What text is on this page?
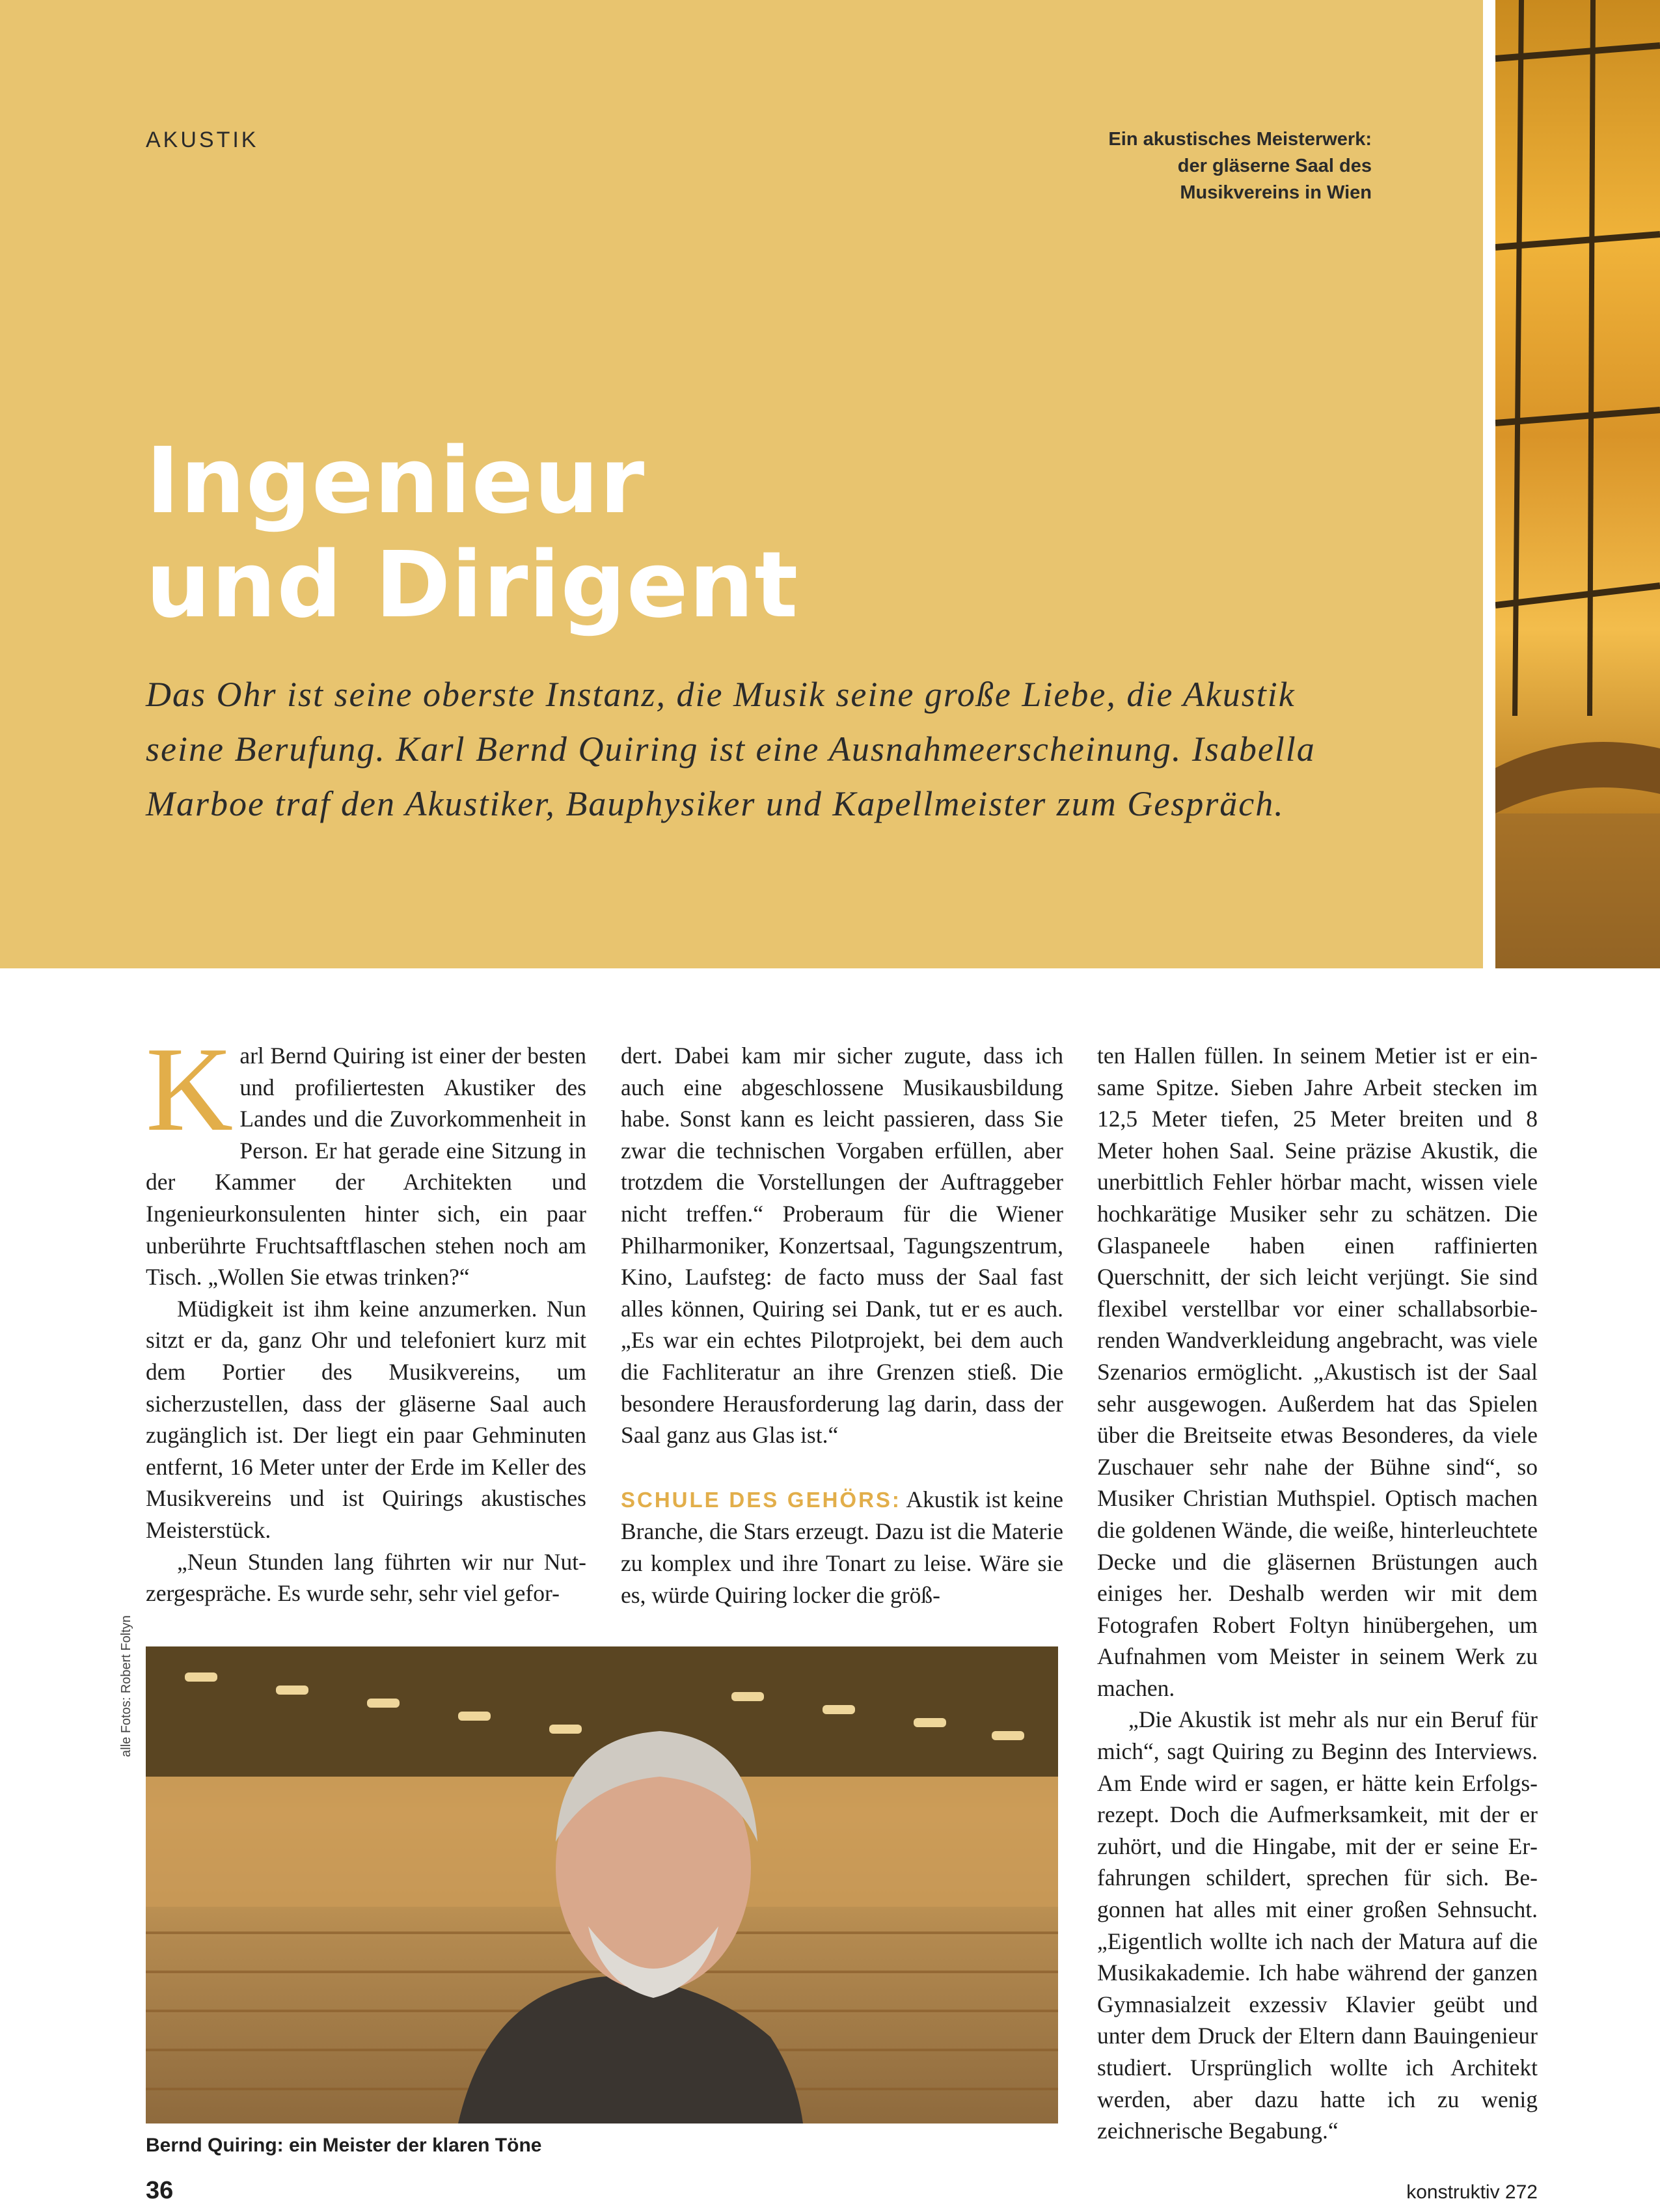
AKUSTIK	Ein akustisches Meisterwerk:
der gläserne Saal des
Musikvereins in Wien
Ingenieur
und Dirigent

Das Ohr ist seine oberste Instanz, die Musik seine große Liebe, die Akustik seine Berufung. Karl Bernd Quiring ist eine Ausnahmeerscheinung. Isabella Marboe traf den Akustiker, Bauphysiker und Kapellmeister zum Gespräch.

Karl Bernd Quiring ist einer der besten und profiliertesten Akustiker des Landes und die Zuvorkommenheit in Person. Er hat gerade eine Sitzung in der Kammer der Architekten und Ingenieurkonsulenten hinter sich, ein paar unberührte Fruchtsaftflaschen stehen noch am Tisch. „Wollen Sie etwas trinken?“

Müdigkeit ist ihm keine anzumerken. Nun sitzt er da, ganz Ohr und telefoniert kurz mit dem Portier des Musikvereins, um sicherzustellen, dass der gläserne Saal auch zugänglich ist. Der liegt ein paar Gehminuten entfernt, 16 Meter unter der Erde im Keller des Musikvereins und ist Quirings akustisches Meisterstück.

„Neun Stunden lang führten wir nur Nutzergespräche. Es wurde sehr, sehr viel gefor-

dert. Dabei kam mir sicher zugute, dass ich auch eine abgeschlossene Musikausbildung habe. Sonst kann es leicht passieren, dass Sie zwar die technischen Vorgaben erfüllen, aber trotzdem die Vorstellungen der Auftraggeber nicht treffen.“ Proberaum für die Wiener Philharmoniker, Konzertsaal, Tagungszentrum, Kino, Laufsteg: de facto muss der Saal fast alles können, Quiring sei Dank, tut er es auch. „Es war ein echtes Pilotprojekt, bei dem auch die Fachliteratur an ihre Grenzen stieß. Die besondere Herausforderung lag darin, dass der Saal ganz aus Glas ist.“

SCHULE DES GEHÖRS: Akustik ist keine Branche, die Stars erzeugt. Dazu ist die Materie zu komplex und ihre Tonart zu leise. Wäre sie es, würde Quiring locker die größ-

ten Hallen füllen. In seinem Metier ist er einsame Spitze. Sieben Jahre Arbeit stecken im 12,5 Meter tiefen, 25 Meter breiten und 8 Meter hohen Saal. Seine präzise Akustik, die unerbittlich Fehler hörbar macht, wissen viele hochkarätige Musiker sehr zu schätzen. Die Glaspaneele haben einen raffinierten Querschnitt, der sich leicht verjüngt. Sie sind flexibel verstellbar vor einer schallabsorbierenden Wandverkleidung angebracht, was viele Szenarios ermöglicht. „Akustisch ist der Saal sehr ausgewogen. Außerdem hat das Spielen über die Breitseite etwas Besonderes, da viele Zuschauer sehr nahe der Bühne sind“, so Musiker Christian Muthspiel. Optisch machen die goldenen Wände, die weiße, hinterleuchtete Decke und die gläsernen Brüstungen auch einiges her. Deshalb werden wir mit dem Fotografen Robert Foltyn hinübergehen, um Aufnahmen vom Meister in seinem Werk zu machen.

„Die Akustik ist mehr als nur ein Beruf für mich“, sagt Quiring zu Beginn des Interviews. Am Ende wird er sagen, er hätte kein Erfolgsrezept. Doch die Aufmerksamkeit, mit der er zuhört, und die Hingabe, mit der er seine Erfahrungen schildert, sprechen für sich. Begonnen hat alles mit einer großen Sehnsucht. „Eigentlich wollte ich nach der Matura auf die Musikakademie. Ich habe während der ganzen Gymnasialzeit exzessiv Klavier geübt und unter dem Druck der Eltern dann Bauingenieur studiert. Ursprünglich wollte ich Architekt werden, aber dazu hatte ich zu wenig zeichnerische Begabung.“

alle Fotos: Robert Foltyn
Bernd Quiring: ein Meister der klaren Töne
36	konstruktiv 272
